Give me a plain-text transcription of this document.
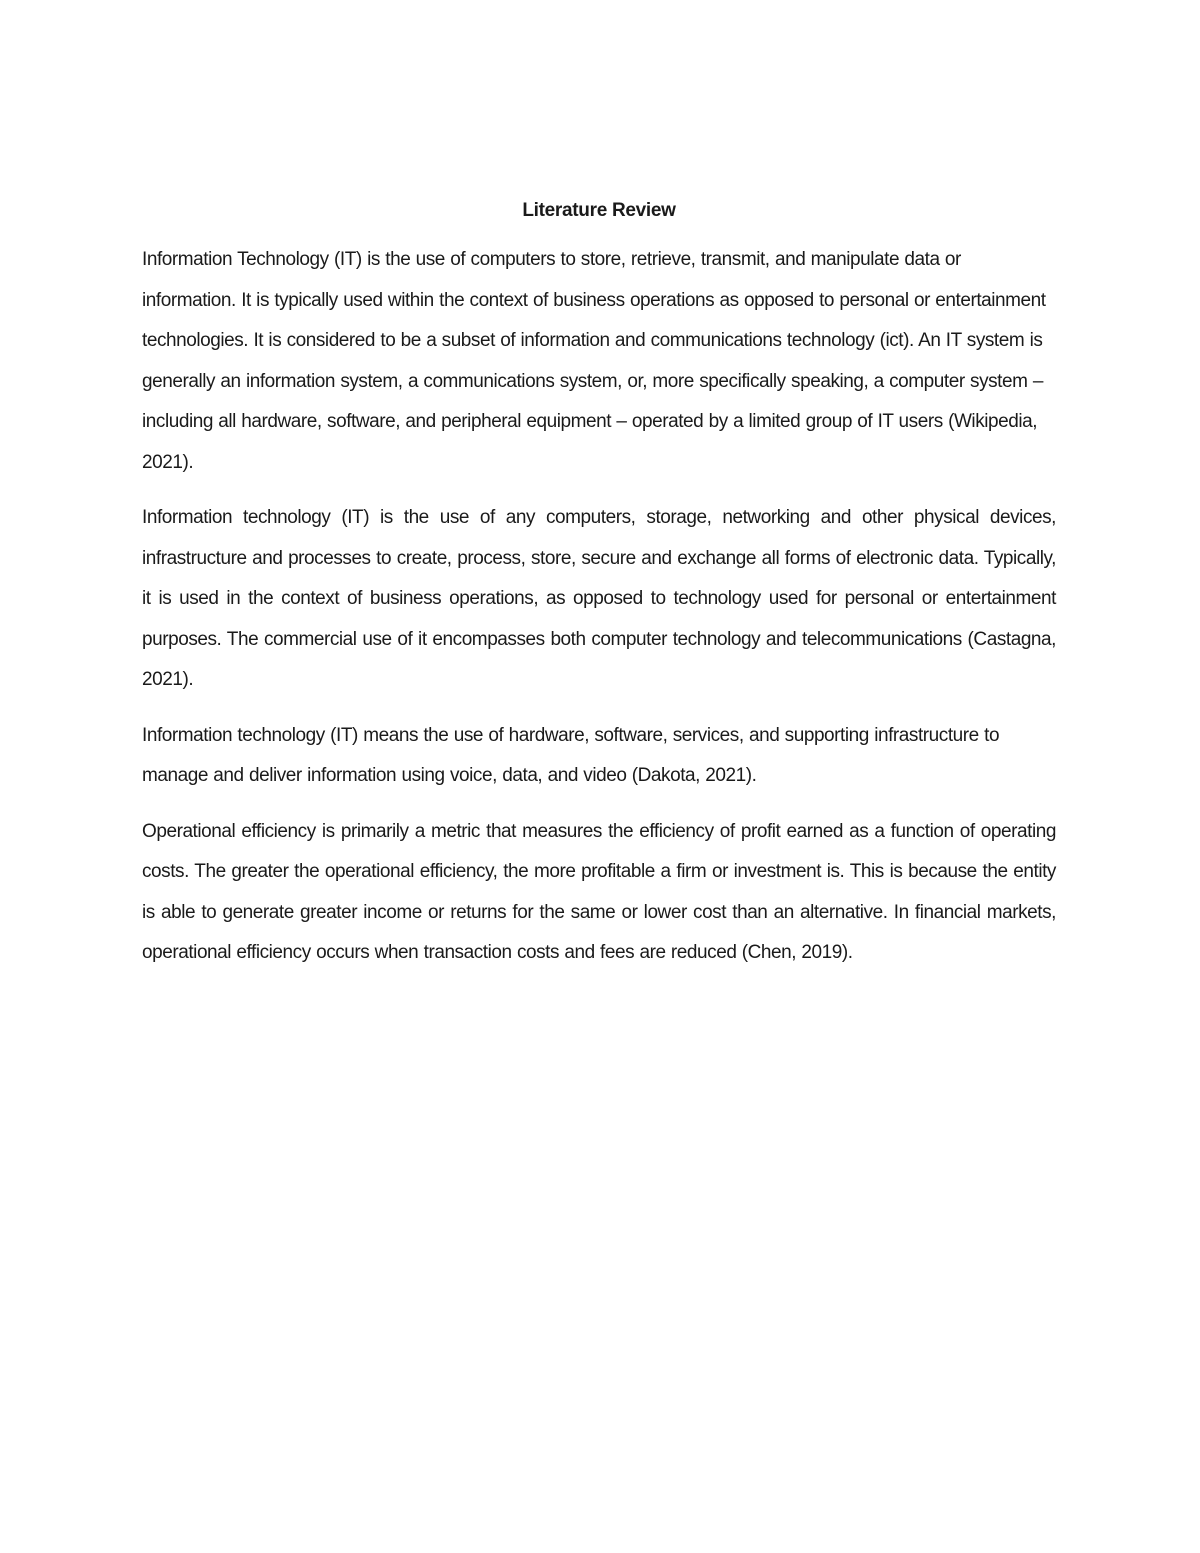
Literature Review

Information Technology (IT) is the use of computers to store, retrieve, transmit, and manipulate data or information. It is typically used within the context of business operations as opposed to personal or entertainment technologies. It is considered to be a subset of information and communications technology (ict). An IT system is generally an information system, a communications system, or, more specifically speaking, a computer system – including all hardware, software, and peripheral equipment – operated by a limited group of IT users (Wikipedia, 2021).

Information technology (IT) is the use of any computers, storage, networking and other physical devices, infrastructure and processes to create, process, store, secure and exchange all forms of electronic data. Typically, it is used in the context of business operations, as opposed to technology used for personal or entertainment purposes. The commercial use of it encompasses both computer technology and telecommunications (Castagna, 2021).

Information technology (IT) means the use of hardware, software, services, and supporting infrastructure to manage and deliver information using voice, data, and video (Dakota, 2021).

Operational efficiency is primarily a metric that measures the efficiency of profit earned as a function of operating costs. The greater the operational efficiency, the more profitable a firm or investment is. This is because the entity is able to generate greater income or returns for the same or lower cost than an alternative. In financial markets, operational efficiency occurs when transaction costs and fees are reduced (Chen, 2019).
